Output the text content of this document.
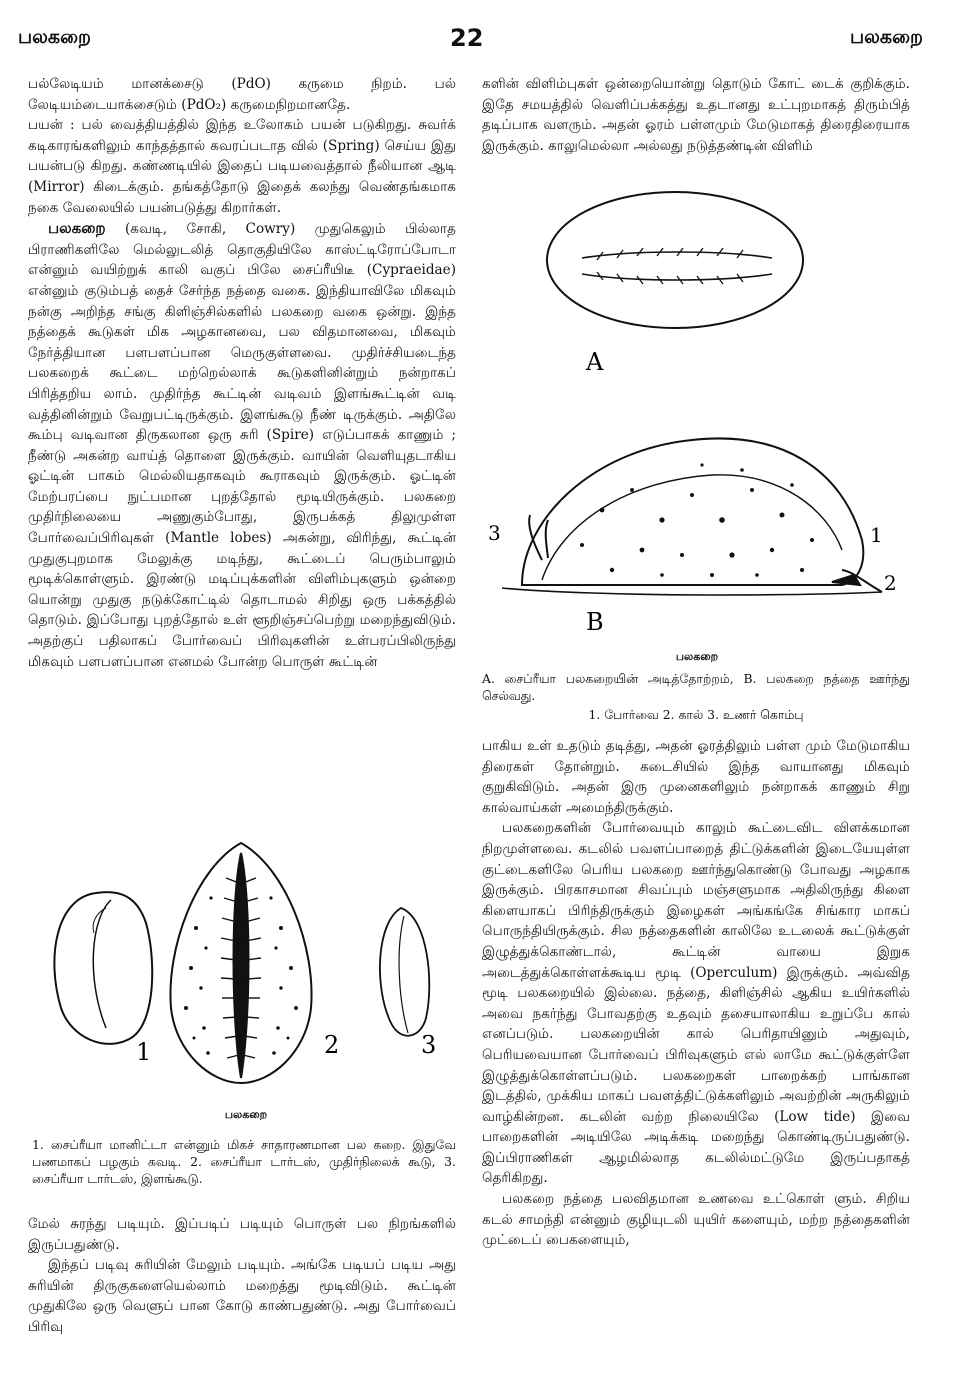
பலகறை	22	பலகறை

பல்லேடியம் மானக்சைடு (PdO) கருமை நிறம். பல் லேடியம்டையாக்சைடும் (PdO₂) கருமைநிறமானதே.

பயன் : பல் வைத்தியத்தில் இந்த உலோகம் பயன் படுகிறது. சுவர்க் கடிகாரங்களிலும் காந்தத்தால் கவரப்படாத வில் (Spring) செய்ய இது பயன்படு கிறது. கண்ணடியில் இதைப் படியவைத்தால் நீலியான ஆடி (Mirror) கிடைக்கும். தங்கத்தோடு இதைக் கலந்து வெண்தங்கமாக நகை வேலையில் பயன்படுத்து கிறார்கள்.

பலகறை (கவடி, சோகி, Cowry) முதுகெலும் பில்லாத பிராணிகளிலே மெல்லுடலித் தொகுதியிலே காஸ்ட்டிரோப்போடா என்னும் வயிற்றுக் காலி வகுப் பிலே சைப்ரீயிடீ (Cypraeidae) என்னும் குடும்பத் தைச் சேர்ந்த நத்தை வகை. இந்தியாவிலே மிகவும் நன்கு அறிந்த சங்கு கிளிஞ்சில்களில் பலகறை வகை ஒன்று. இந்த நத்தைக் கூடுகள் மிக அழகானவை, பல விதமானவை, மிகவும் நேர்த்தியான பளபளப்பான மெருகுள்ளவை. முதிர்ச்சியடைந்த பலகறைக் கூட்டை மற்றெல்லாக் கூடுகளினின்றும் நன்றாகப் பிரித்தறிய லாம். முதிர்ந்த கூட்டின் வடிவம் இளங்கூட்டின் வடி வத்தினின்றும் வேறுபட்டிருக்கும். இளங்கூடு நீண் டிருக்கும். அதிலே கூம்பு வடிவான திருகலான ஒரு சுரி (Spire) எடுப்பாகக் காணும் ; நீண்டு அகன்ற வாய்த் தொளை இருக்கும். வாயின் வெளியுதடாகிய ஓட்டின் பாகம் மெல்லியதாகவும் கூராகவும் இருக்கும். ஓட்டின் மேற்பரப்பை நுட்பமான புறத்தோல் மூடியிருக்கும். பலகறை முதிர்நிலையை அணுகும்போது, இருபக்கத் திலுமுள்ள போர்வைப்பிரிவுகள் (Mantle lobes) அகன்று, விரிந்து, கூட்டின் முதுகுபுறமாக மேலுக்கு மடிந்து, கூட்டைப் பெரும்பாலும் மூடிக்கொள்ளும். இரண்டு மடிப்புக்களின் விளிம்புகளும் ஒன்றை யொன்று முதுகு நடுக்கோட்டில் தொடாமல் சிறிது ஒரு பக்கத்தில் தொடும். இப்போது புறத்தோல் உள் ளூறிஞ்சப்பெற்று மறைந்துவிடும். அதற்குப் பதிலாகப் போர்வைப் பிரிவுகளின் உள்பரப்பிலிருந்து மிகவும் பளபளப்பான எனமல் போன்ற பொருள் கூட்டின்

1	2	3
பலகறை
1. சைப்ரீயா மானிட்டா என்னும் மிகச் சாதாரணமான பல கறை. இதுவே பணமாகப் பழகும் கவடி. 2. சைப்ரீயா டார்டஸ், முதிர்நிலைக் கூடு, 3. சைப்ரீயா டார்டஸ், இளங்கூடு.

மேல் சுரந்து படியும். இப்படிப் படியும் பொருள் பல நிறங்களில் இருப்பதுண்டு.

இந்தப் படிவு சுரியின் மேலும் படியும். அங்கே படியப் படிய அது சுரியின் திருகுகளையெல்லாம் மறைத்து மூடிவிடும். கூட்டின் முதுகிலே ஒரு வெளுப் பான கோடு காண்பதுண்டு. அது போர்வைப் பிரிவு

களின் விளிம்புகள் ஒன்றையொன்று தொடும் கோட் டைக் குறிக்கும். இதே சமயத்தில் வெளிப்பக்கத்து உதடானது உட்புறமாகத் திரும்பித் தடிப்பாக வளரும். அதன் ஓரம் பள்ளமும் மேடுமாகத் திரைதிரையாக இருக்கும். காலுமெல்லா அல்லது நடுத்தண்டின் விளிம்

A
3	1
2
B
பலகறை
A. சைப்ரீயா பலகறையின் அடித்தோற்றம், B. பலகறை நத்தை ஊர்ந்து செல்வது.
1. போர்வை 2. கால் 3. உணர் கொம்பு

பாகிய உள் உதடும் தடித்து, அதன் ஓரத்திலும் பள்ள மும் மேடுமாகிய திரைகள் தோன்றும். கடைசியில் இந்த வாயானது மிகவும் குறுகிவிடும். அதன் இரு முனைகளிலும் நன்றாகக் காணும் சிறு கால்வாய்கள் அமைந்திருக்கும்.

பலகறைகளின் போர்வையும் காலும் கூட்டைவிட விளக்கமான நிறமுள்ளவை. கடலில் பவளப்பாறைத் திட்டுக்களின் இடையேயுள்ள குட்டைகளிலே பெரிய பலகறை ஊர்ந்துகொண்டு போவது அழகாக இருக்கும். பிரகாசமான சிவப்பும் மஞ்சளுமாக அதிலிருந்து கிளை கிளையாகப் பிரிந்திருக்கும் இழைகள் அங்கங்கே சிங்கார மாகப் பொருந்தியிருக்கும். சில நத்தைகளின் காலிலே உடலைக் கூட்டுக்குள் இழுத்துக்கொண்டால், கூட்டின் வாயை இறுக அடைத்துக்கொள்ளக்கூடிய மூடி (Operculum) இருக்கும். அவ்வித மூடி பலகறையில் இல்லை. நத்தை, கிளிஞ்சில் ஆகிய உயிர்களில் அவை நகர்ந்து போவதற்கு உதவும் தசையாலாகிய உறுப்பே கால் எனப்படும். பலகறையின் கால் பெரிதாயினும் அதுவும், பெரியவையான போர்வைப் பிரிவுகளும் எல் லாமே கூட்டுக்குள்ளே இழுத்துக்கொள்ளப்படும். பலகறைகள் பாறைக்கற் பாங்கான இடத்தில், முக்கிய மாகப் பவளத்திட்டுக்களிலும் அவற்றின் அருகிலும் வாழ்கின்றன. கடலின் வற்ற நிலையிலே (Low tide) இவை பாறைகளின் அடியிலே அடிக்கடி மறைந்து கொண்டிருப்பதுண்டு. இப்பிராணிகள் ஆழமில்லாத கடலில்மட்டுமே இருப்பதாகத் தெரிகிறது.

பலகறை நத்தை பலவிதமான உணவை உட்கொள் ளும். சிறிய கடல் சாமந்தி என்னும் குழியுடலி யுயிர் களையும், மற்ற நத்தைகளின் முட்டைப் பைகளையும்,
